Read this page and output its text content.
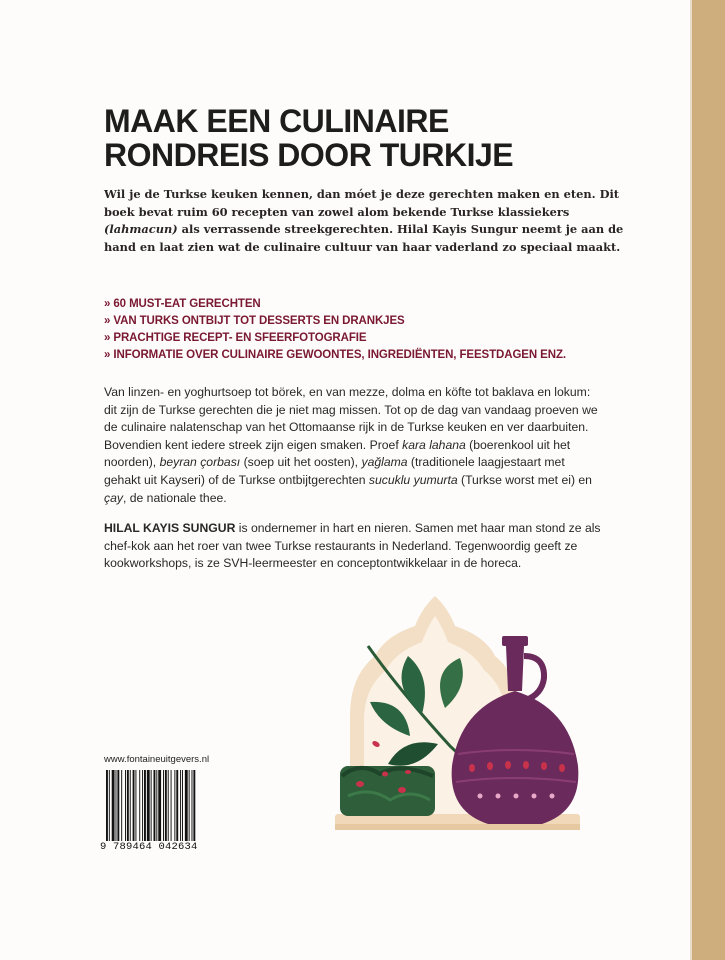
MAAK EEN CULINAIRE
RONDREIS DOOR TURKIJE

Wil je de Turkse keuken kennen, dan móet je deze gerechten maken en eten. Dit boek bevat ruim 60 recepten van zowel alom bekende Turkse klassiekers (lahmacun) als verrassende streekgerechten. Hilal Kayis Sungur neemt je aan de hand en laat zien wat de culinaire cultuur van haar vaderland zo speciaal maakt.

» 60 MUST-EAT GERECHTEN
» VAN TURKS ONTBIJT TOT DESSERTS EN DRANKJES
» PRACHTIGE RECEPT- EN SFEERFOTOGRAFIE
» INFORMATIE OVER CULINAIRE GEWOONTES, INGREDIËNTEN, FEESTDAGEN ENZ.

Van linzen- en yoghurtsoep tot börek, en van mezze, dolma en köfte tot baklava en lokum: dit zijn de Turkse gerechten die je niet mag missen. Tot op de dag van vandaag proeven we de culinaire nalatenschap van het Ottomaanse rijk in de Turkse keuken en ver daarbuiten. Bovendien kent iedere streek zijn eigen smaken. Proef kara lahana (boerenkool uit het noorden), beyran çorbası (soep uit het oosten), yağlama (traditionele laagjestaart met gehakt uit Kayseri) of de Turkse ontbijtgerechten sucuklu yumurta (Turkse worst met ei) en çay, de nationale thee.

HILAL KAYIS SUNGUR is ondernemer in hart en nieren. Samen met haar man stond ze als chef-kok aan het roer van twee Turkse restaurants in Nederland. Tegenwoordig geeft ze kookworkshops, is ze SVH-leermeester en conceptontwikkelaar in de horeca.

www.fontaineuitgevers.nl
9 789464 042634
